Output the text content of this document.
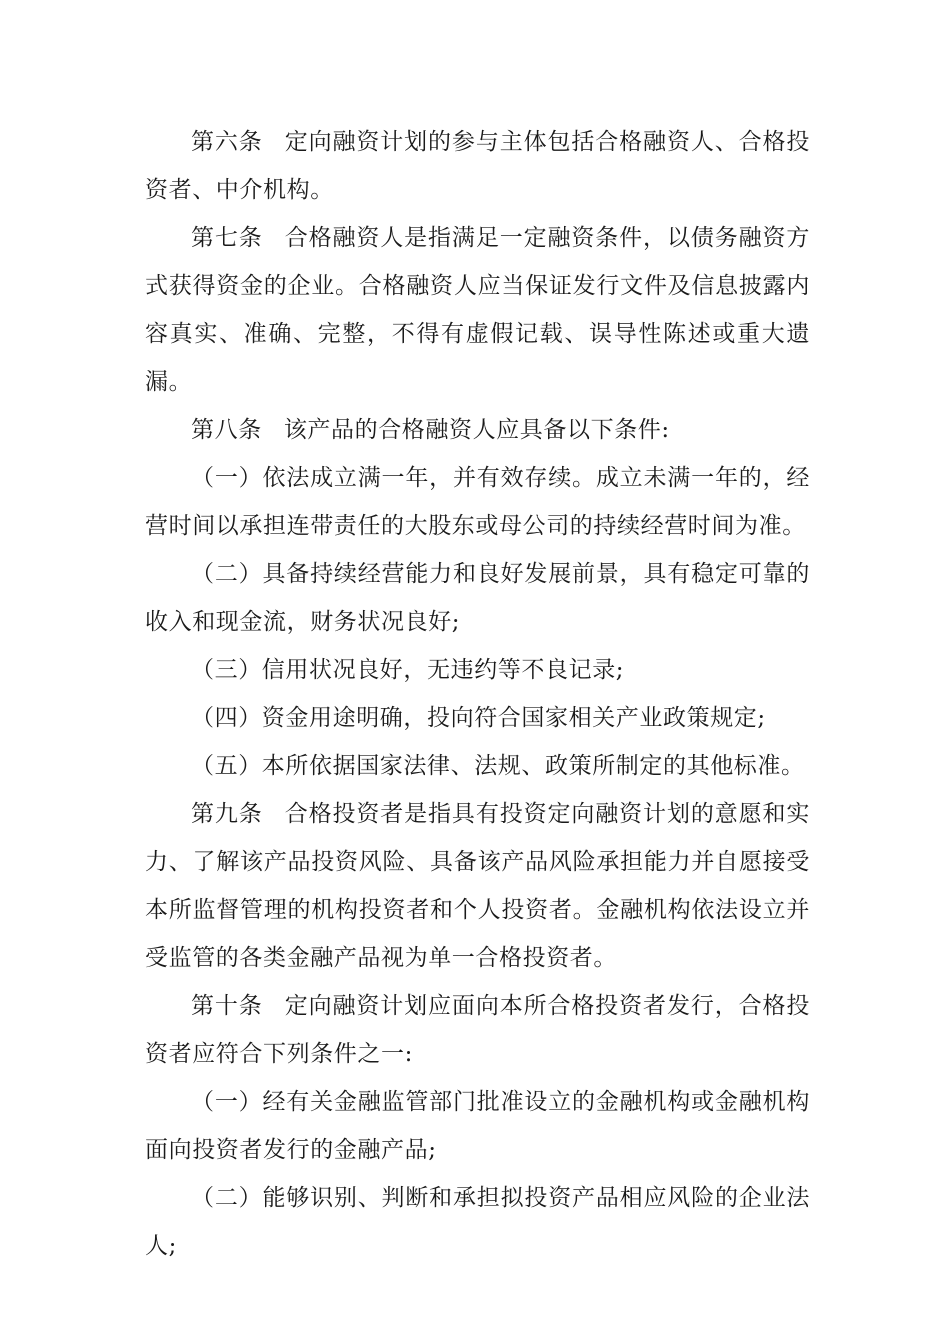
第六条 定向融资计划的参与主体包括合格融资人、合格投资者、中介机构。

第七条 合格融资人是指满足一定融资条件，以债务融资方式获得资金的企业。合格融资人应当保证发行文件及信息披露内容真实、准确、完整，不得有虚假记载、误导性陈述或重大遗漏。

第八条 该产品的合格融资人应具备以下条件:

（一）依法成立满一年，并有效存续。成立未满一年的，经营时间以承担连带责任的大股东或母公司的持续经营时间为准。

（二）具备持续经营能力和良好发展前景，具有稳定可靠的收入和现金流，财务状况良好;

（三）信用状况良好，无违约等不良记录;

（四）资金用途明确，投向符合国家相关产业政策规定;

（五）本所依据国家法律、法规、政策所制定的其他标准。

第九条 合格投资者是指具有投资定向融资计划的意愿和实力、了解该产品投资风险、具备该产品风险承担能力并自愿接受本所监督管理的机构投资者和个人投资者。金融机构依法设立并受监管的各类金融产品视为单一合格投资者。

第十条 定向融资计划应面向本所合格投资者发行，合格投资者应符合下列条件之一:

（一）经有关金融监管部门批准设立的金融机构或金融机构面向投资者发行的金融产品;

（二）能够识别、判断和承担拟投资产品相应风险的企业法人;
